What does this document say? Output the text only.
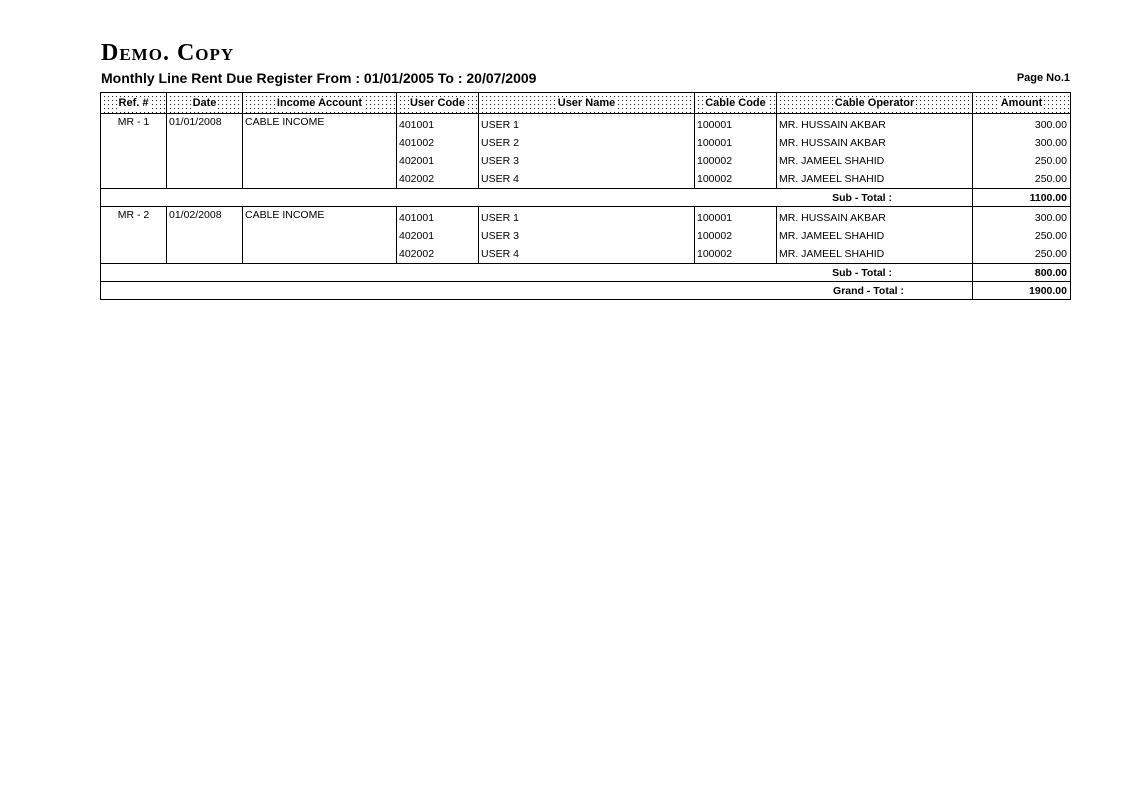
Demo. Copy
Monthly Line Rent Due Register From : 01/01/2005 To : 20/07/2009	Page No.1
Ref. #	Date	Income Account	User Code	User Name	Cable Code	Cable Operator	Amount
MR - 1	01/01/2008	CABLE INCOME	401001	USER 1	100001	MR. HUSSAIN AKBAR	300.00
			401002	USER 2	100001	MR. HUSSAIN AKBAR	300.00
			402001	USER 3	100002	MR. JAMEEL SHAHID	250.00
			402002	USER 4	100002	MR. JAMEEL SHAHID	250.00
Sub - Total :							1100.00
MR - 2	01/02/2008	CABLE INCOME	401001	USER 1	100001	MR. HUSSAIN AKBAR	300.00
			402001	USER 3	100002	MR. JAMEEL SHAHID	250.00
			402002	USER 4	100002	MR. JAMEEL SHAHID	250.00
Sub - Total :							800.00
Grand - Total :							1900.00
